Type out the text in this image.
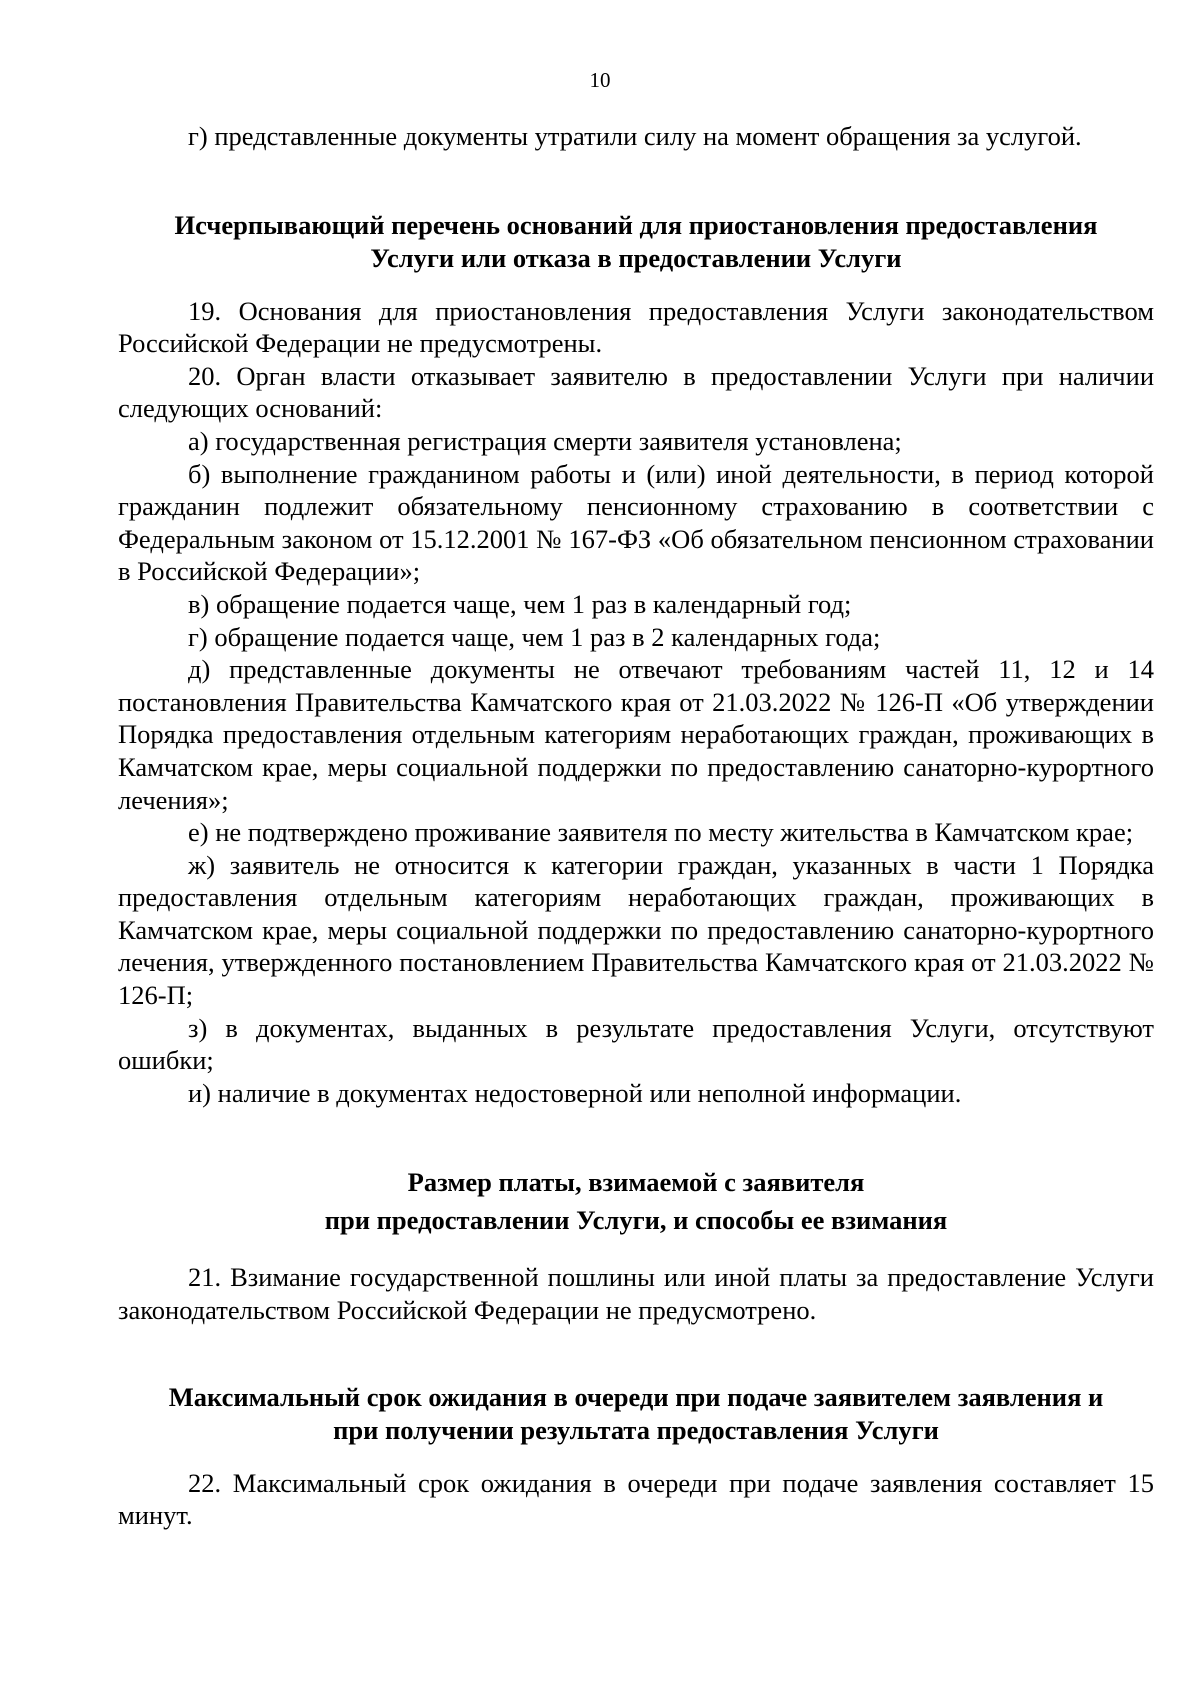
10

г) представленные документы утратили силу на момент обращения за услугой.

Исчерпывающий перечень оснований для приостановления предоставления
Услуги или отказа в предоставлении Услуги

19. Основания для приостановления предоставления Услуги законодательством Российской Федерации не предусмотрены.

20. Орган власти отказывает заявителю в предоставлении Услуги при наличии следующих оснований:

а) государственная регистрация смерти заявителя установлена;

б) выполнение гражданином работы и (или) иной деятельности, в период которой гражданин подлежит обязательному пенсионному страхованию в соответствии с Федеральным законом от 15.12.2001 № 167-ФЗ «Об обязательном пенсионном страховании в Российской Федерации»;

в) обращение подается чаще, чем 1 раз в календарный год;

г) обращение подается чаще, чем 1 раз в 2 календарных года;

д) представленные документы не отвечают требованиям частей 11, 12 и 14 постановления Правительства Камчатского края от 21.03.2022 № 126-П «Об утверждении Порядка предоставления отдельным категориям неработающих граждан, проживающих в Камчатском крае, меры социальной поддержки по предоставлению санаторно-курортного лечения»;

е) не подтверждено проживание заявителя по месту жительства в Камчатском крае;

ж) заявитель не относится к категории граждан, указанных в части 1 Порядка предоставления отдельным категориям неработающих граждан, проживающих в Камчатском крае, меры социальной поддержки по предоставлению санаторно-курортного лечения, утвержденного постановлением Правительства Камчатского края от 21.03.2022 № 126-П;

з) в документах, выданных в результате предоставления Услуги, отсутствуют ошибки;

и) наличие в документах недостоверной или неполной информации.

Размер платы, взимаемой с заявителя
при предоставлении Услуги, и способы ее взимания

21. Взимание государственной пошлины или иной платы за предоставление Услуги законодательством Российской Федерации не предусмотрено.

Максимальный срок ожидания в очереди при подаче заявителем заявления и
при получении результата предоставления Услуги

22. Максимальный срок ожидания в очереди при подаче заявления составляет 15 минут.
